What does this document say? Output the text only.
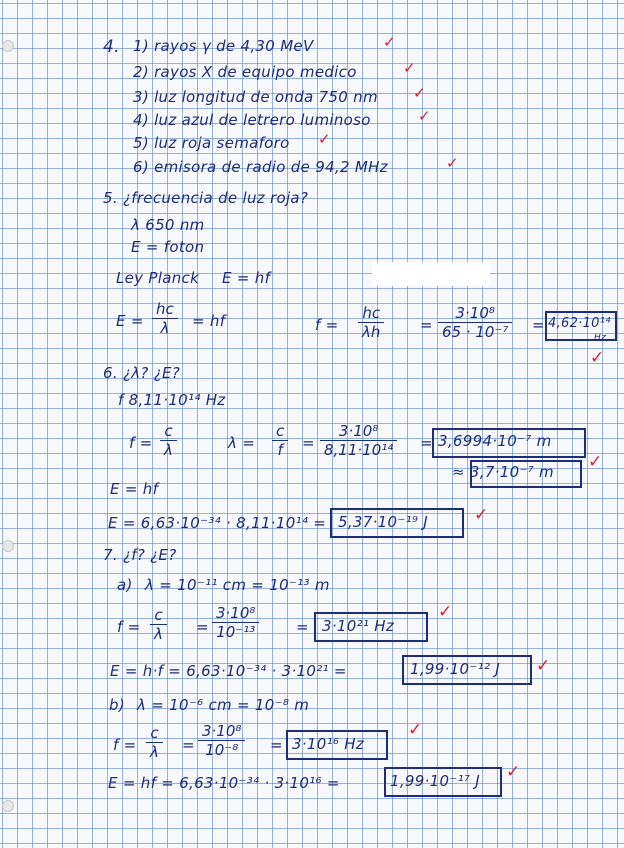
4. 1) rayos γ de 4,30 MeV	✓
2) rayos X de equipo medico	✓
3) luz longitud de onda 750 nm ✓
4) luz azul de letrero luminoso	✓
5) luz roja semaforo ✓
6) emisora de radio de 94,2 MHz	✓
5. ¿frecuencia de luz roja?
λ 650 nm
E = foton
Ley Planck E = hf
$E = \frac{hc}{\lambda}$ = hf	$f = \frac{hc}{\lambda h} = \frac{\text{3·10⁸}}{\text{65 · 10⁻⁷}} = 4,62\cdot 10^{14}$
Hz
✓
6. ¿λ? ¿E?
f 8,11·10¹⁴ Hz
$f = \frac{c}{\lambda}$	$\lambda = \frac{c}{f} = \frac{\text{3·10⁸}}{\text{8,11·10¹⁴}} = 3,6994\cdot 10^{-7}$ m
≈ 3,7·10⁻⁷ m ✓
E = hf
E = 6,63·10⁻³⁴ · 8,11·10¹⁴ = 5,37·10⁻¹⁹ J	✓
7. ¿f? ¿E?
a) λ = 10⁻¹¹ cm = 10⁻¹³ m
$f = \frac{c}{\lambda} = \frac{\text{3·10⁸}}{\text{10⁻¹³}} = 3\cdot 10^{21}$ Hz
✓
E = h·f = 6,63·10⁻³⁴ · 3·10²¹ =	1,99·10⁻¹² J ✓
b) λ = 10⁻⁶ cm = 10⁻⁸ m
$f = \frac{c}{\lambda} = \frac{\text{3·10⁸}}{\text{10⁻⁸}} = 3\cdot 10^{16}$ Hz
✓
E = hf = 6,63·10⁻³⁴ · 3·10¹⁶ =	1,99·10⁻¹⁷ J ✓
